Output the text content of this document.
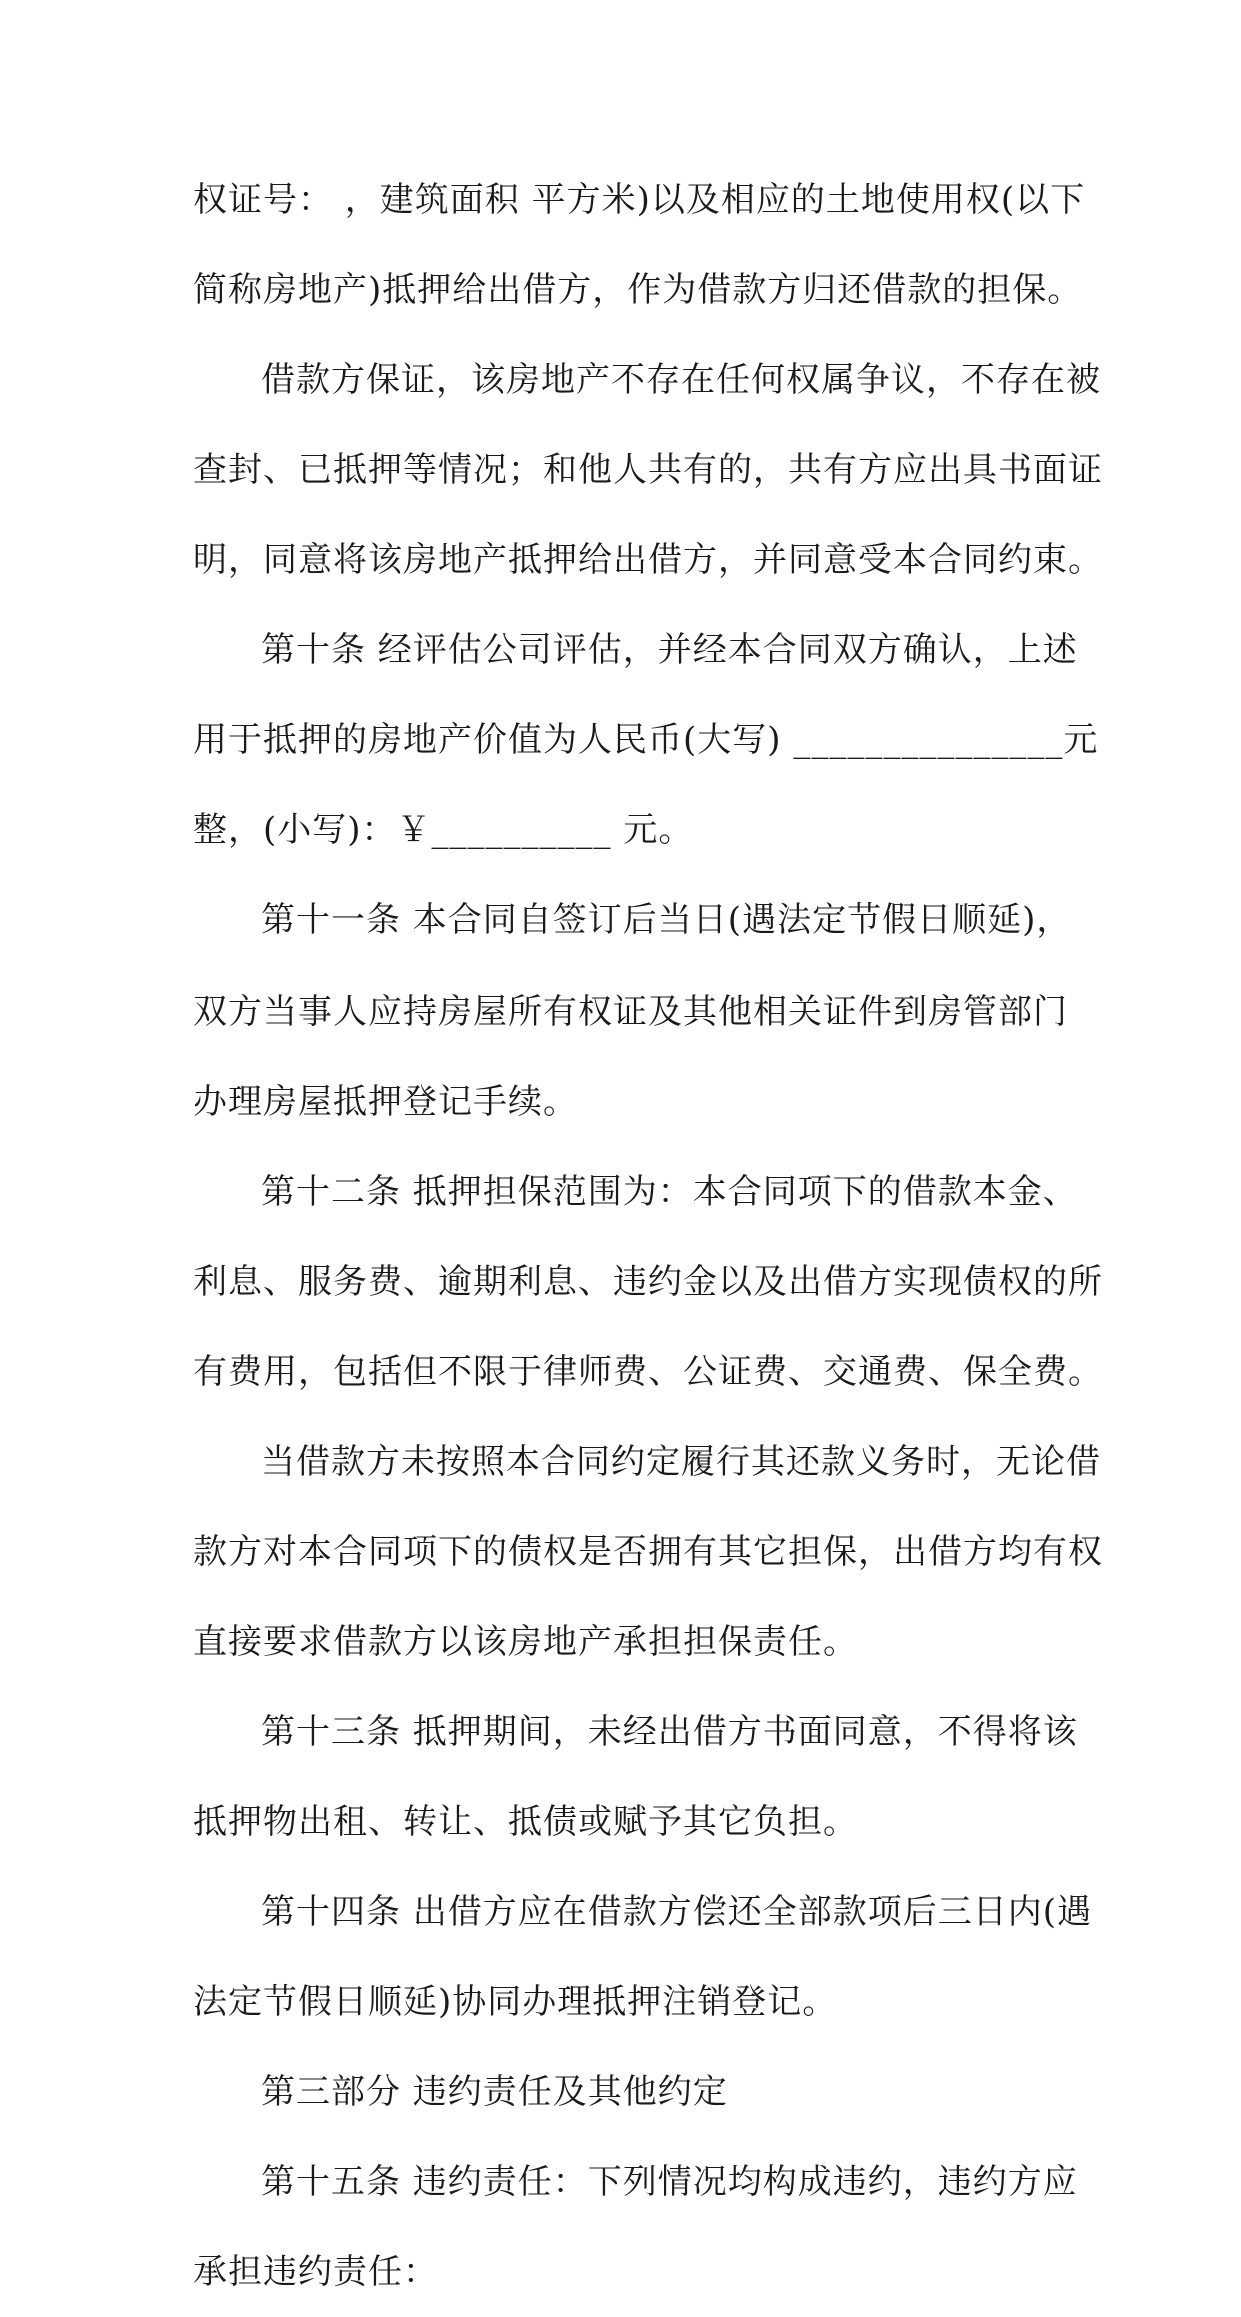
权证号： ，建筑面积 平方米)以及相应的土地使用权(以下
简称房地产)抵押给出借方，作为借款方归还借款的担保。
借款方保证，该房地产不存在任何权属争议，不存在被
查封、已抵押等情况；和他人共有的，共有方应出具书面证
明，同意将该房地产抵押给出借方，并同意受本合同约束。
第十条 经评估公司评估，并经本合同双方确认，上述
用于抵押的房地产价值为人民币(大写) _______________元
整，(小写)：￥__________ 元。
第十一条 本合同自签订后当日(遇法定节假日顺延)，
双方当事人应持房屋所有权证及其他相关证件到房管部门
办理房屋抵押登记手续。
第十二条 抵押担保范围为：本合同项下的借款本金、
利息、服务费、逾期利息、违约金以及出借方实现债权的所
有费用，包括但不限于律师费、公证费、交通费、保全费。
当借款方未按照本合同约定履行其还款义务时，无论借
款方对本合同项下的债权是否拥有其它担保，出借方均有权
直接要求借款方以该房地产承担担保责任。
第十三条 抵押期间，未经出借方书面同意，不得将该
抵押物出租、转让、抵债或赋予其它负担。
第十四条 出借方应在借款方偿还全部款项后三日内(遇
法定节假日顺延)协同办理抵押注销登记。
第三部分 违约责任及其他约定
第十五条 违约责任：下列情况均构成违约，违约方应
承担违约责任：
